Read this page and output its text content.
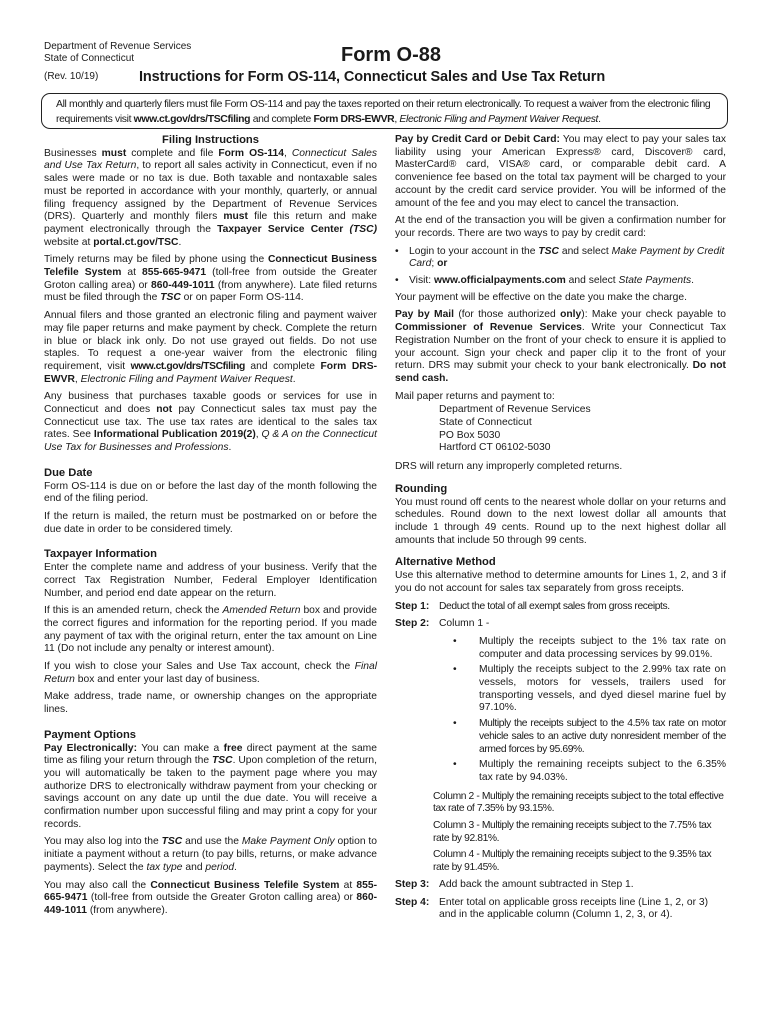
Department of Revenue Services
State of Connecticut
(Rev. 10/19)
Form O-88
Instructions for Form OS-114, Connecticut Sales and Use Tax Return
All monthly and quarterly filers must file Form OS-114 and pay the taxes reported on their return electronically. To request a waiver from the electronic filing requirements visit www.ct.gov/drs/TSCfiling and complete Form DRS-EWVR, Electronic Filing and Payment Waiver Request.
Filing Instructions

Businesses must complete and file Form OS-114, Connecticut Sales and Use Tax Return, to report all sales activity in Connecticut, even if no sales were made or no tax is due. Both taxable and nontaxable sales must be reported in accordance with your monthly, quarterly, or annual filing frequency assigned by the Department of Revenue Services (DRS). Quarterly and monthly filers must file this return and make payment electronically through the Taxpayer Service Center (TSC) website at portal.ct.gov/TSC.

Timely returns may be filed by phone using the Connecticut Business Telefile System at 855-665-9471 (toll-free from outside the Greater Groton calling area) or 860-449-1011 (from anywhere). Late filed returns must be filed through the TSC or on paper Form OS-114.

Annual filers and those granted an electronic filing and payment waiver may file paper returns and make payment by check. Complete the return in blue or black ink only. Do not use grayed out fields. Do not use staples. To request a one-year waiver from the electronic filing requirement, visit www.ct.gov/drs/TSCfiling and complete Form DRS-EWVR, Electronic Filing and Payment Waiver Request.

Any business that purchases taxable goods or services for use in Connecticut and does not pay Connecticut sales tax must pay the Connecticut use tax. The use tax rates are identical to the sales tax rates. See Informational Publication 2019(2), Q & A on the Connecticut Use Tax for Businesses and Professions.

Due Date

Form OS-114 is due on or before the last day of the month following the end of the filing period.

If the return is mailed, the return must be postmarked on or before the due date in order to be considered timely.

Taxpayer Information

Enter the complete name and address of your business. Verify that the correct Tax Registration Number, Federal Employer Identification Number, and period end date appear on the return.

If this is an amended return, check the Amended Return box and provide the correct figures and information for the reporting period. If you made any payment of tax with the original return, enter the tax amount on Line 11 (Do not include any penalty or interest amount).

If you wish to close your Sales and Use Tax account, check the Final Return box and enter your last day of business.

Make address, trade name, or ownership changes on the appropriate lines.

Payment Options

Pay Electronically: You can make a free direct payment at the same time as filing your return through the TSC. Upon completion of the return, you will automatically be taken to the payment page where you may authorize DRS to electronically withdraw payment from your checking or savings account on any date up until the due date. You will receive a confirmation number upon successful filing and may print a copy for your records.

You may also log into the TSC and use the Make Payment Only option to initiate a payment without a return (to pay bills, returns, or make advance payments). Select the tax type and period.

You may also call the Connecticut Business Telefile System at 855-665-9471 (toll-free from outside the Greater Groton calling area) or 860-449-1011 (from anywhere).

Pay by Credit Card or Debit Card: You may elect to pay your sales tax liability using your American Express® card, Discover® card, MasterCard® card, VISA® card, or comparable debit card. A convenience fee based on the total tax payment will be charged to your account by the credit card service provider. You will be informed of the amount of the fee and you may elect to cancel the transaction.

At the end of the transaction you will be given a confirmation number for your records. There are two ways to pay by credit card:

• Login to your account in the TSC and select Make Payment by Credit Card; or
• Visit: www.officialpayments.com and select State Payments.

Your payment will be effective on the date you make the charge.

Pay by Mail (for those authorized only): Make your check payable to Commissioner of Revenue Services. Write your Connecticut Tax Registration Number on the front of your check to ensure it is applied to your account. Sign your check and paper clip it to the front of your return. DRS may submit your check to your bank electronically. Do not send cash.

Mail paper returns and payment to:

Department of Revenue Services
State of Connecticut
PO Box 5030
Hartford CT 06102-5030

DRS will return any improperly completed returns.

Rounding

You must round off cents to the nearest whole dollar on your returns and schedules. Round down to the next lowest dollar all amounts that include 1 through 49 cents. Round up to the next highest dollar all amounts that include 50 through 99 cents.

Alternative Method

Use this alternative method to determine amounts for Lines 1, 2, and 3 if you do not account for sales tax separately from gross receipts.

Step 1: Deduct the total of all exempt sales from gross receipts.
Step 2: Column 1 -
• Multiply the receipts subject to the 1% tax rate on computer and data processing services by 99.01%.
• Multiply the receipts subject to the 2.99% tax rate on vessels, motors for vessels, trailers used for transporting vessels, and dyed diesel marine fuel by 97.10%.
• Multiply the receipts subject to the 4.5% tax rate on motor vehicle sales to an active duty nonresident member of the armed forces by 95.69%.
• Multiply the remaining receipts subject to the 6.35% tax rate by 94.03%.
Column 2 - Multiply the remaining receipts subject to the total effective tax rate of 7.35% by 93.15%.
Column 3 - Multiply the remaining receipts subject to the 7.75% tax rate by 92.81%.
Column 4 - Multiply the remaining receipts subject to the 9.35% tax rate by 91.45%.
Step 3: Add back the amount subtracted in Step 1.
Step 4: Enter total on applicable gross receipts line (Line 1, 2, or 3) and in the applicable column (Column 1, 2, 3, or 4).
